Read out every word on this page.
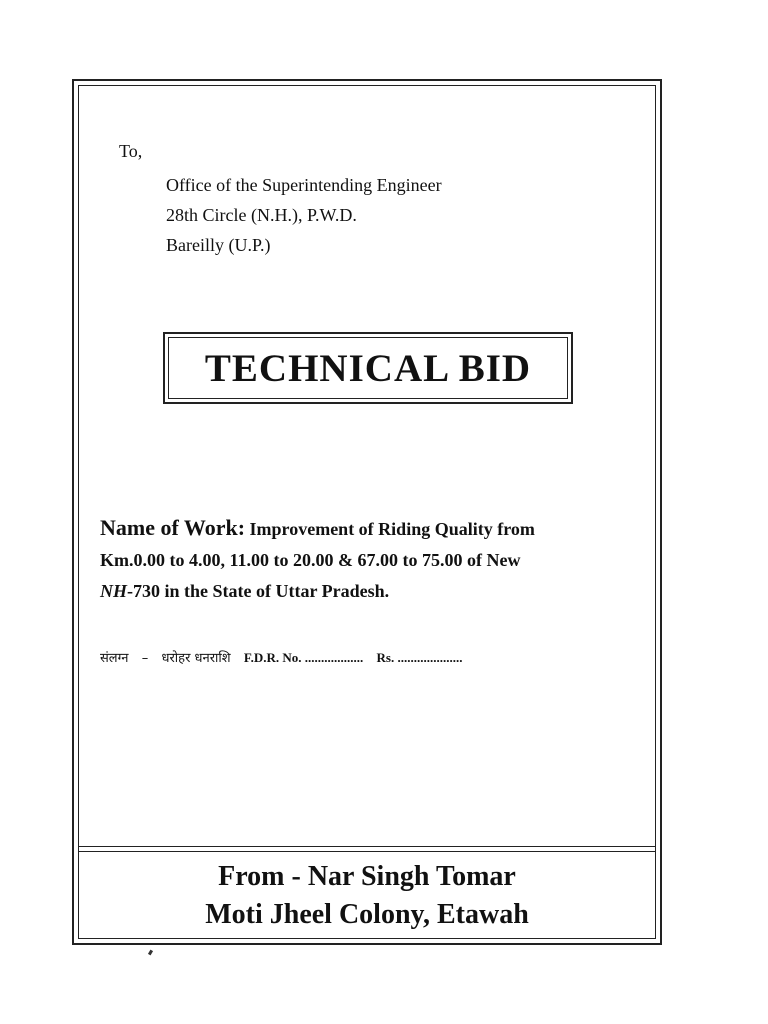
To,
Office of the Superintending Engineer
28th Circle (N.H.), P.W.D.
Bareilly (U.P.)
TECHNICAL BID
Name of Work: Improvement of Riding Quality from
Km.0.00 to 4.00, 11.00 to 20.00 & 67.00 to 75.00 of New
NH-730 in the State of Uttar Pradesh.
संलग्न – धरोहर धनराशि F.D.R. No. .................. Rs. ....................
From - Nar Singh Tomar
Moti Jheel Colony, Etawah
